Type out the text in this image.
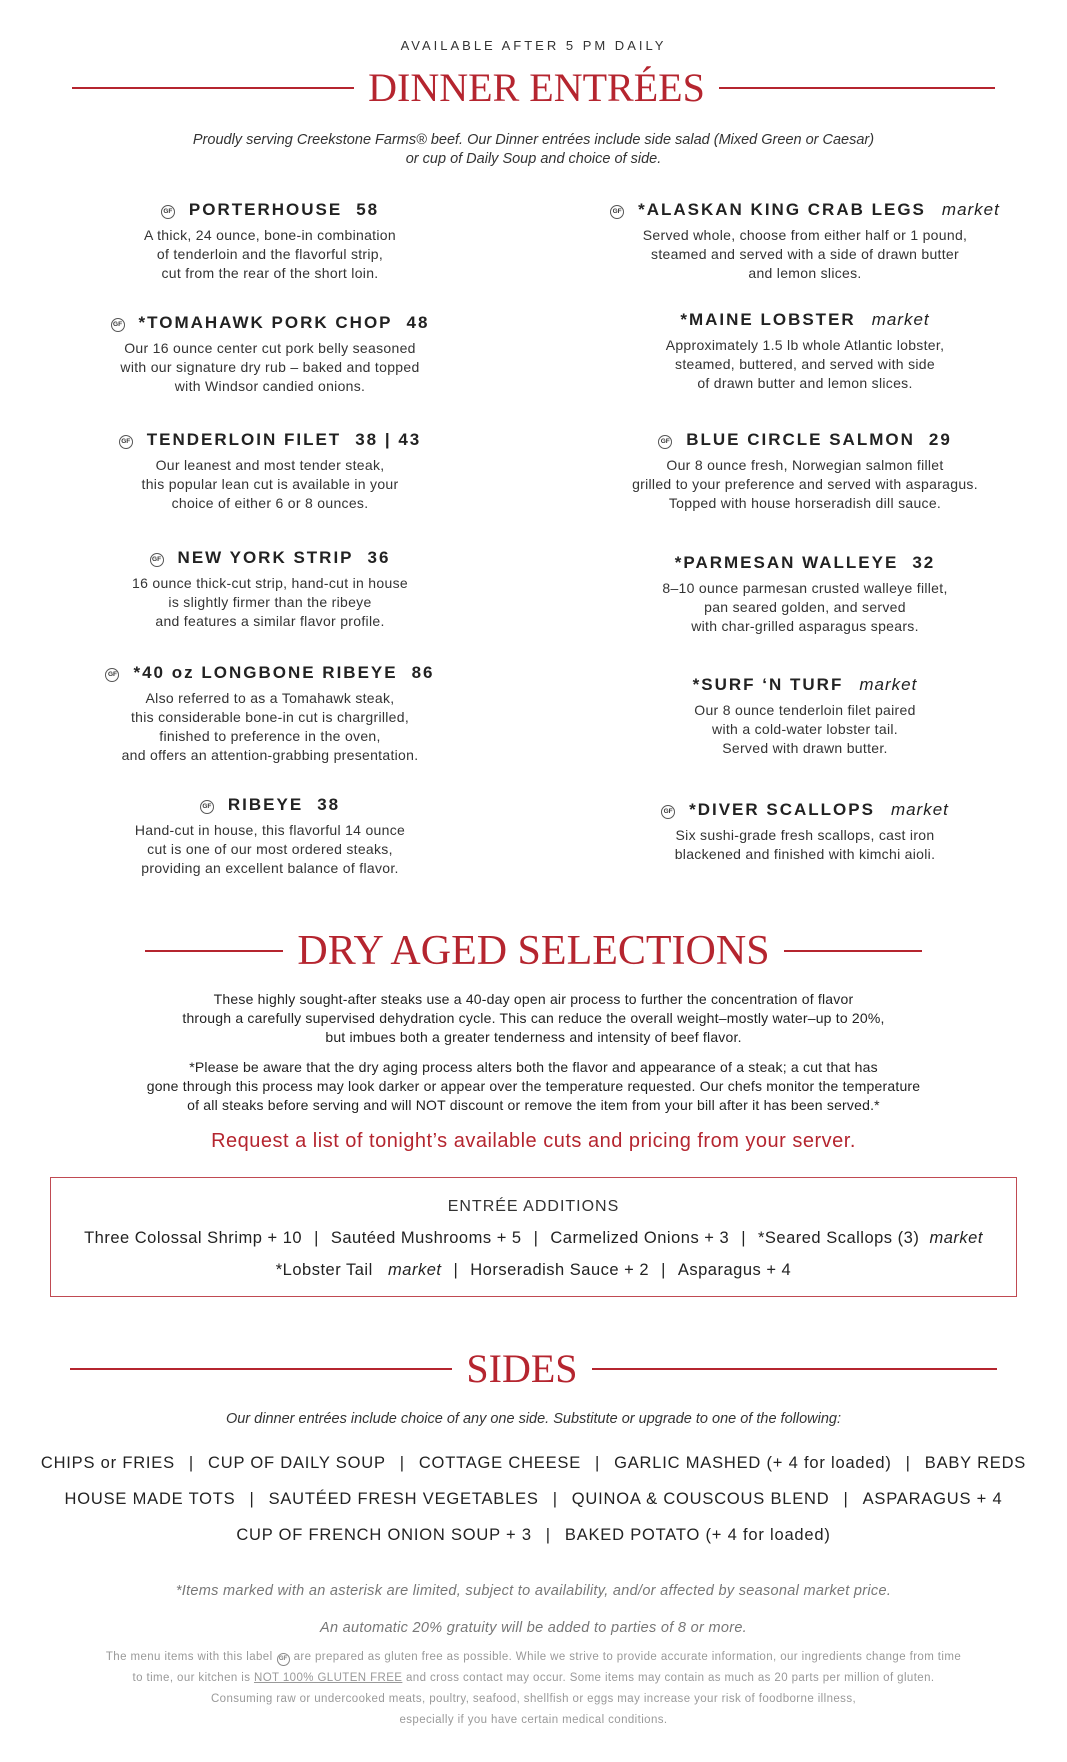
AVAILABLE AFTER 5 PM DAILY
DINNER ENTRÉES
Proudly serving Creekstone Farms® beef. Our Dinner entrées include side salad (Mixed Green or Caesar)
or cup of Daily Soup and choice of side.
GF PORTERHOUSE 58
A thick, 24 ounce, bone-in combination
of tenderloin and the flavorful strip,
cut from the rear of the short loin.
GF *TOMAHAWK PORK CHOP 48
Our 16 ounce center cut pork belly seasoned
with our signature dry rub – baked and topped
with Windsor candied onions.
GF TENDERLOIN FILET 38 | 43
Our leanest and most tender steak,
this popular lean cut is available in your
choice of either 6 or 8 ounces.
GF NEW YORK STRIP 36
16 ounce thick-cut strip, hand-cut in house
is slightly firmer than the ribeye
and features a similar flavor profile.
GF *40 oz LONGBONE RIBEYE 86
Also referred to as a Tomahawk steak,
this considerable bone-in cut is chargrilled,
finished to preference in the oven,
and offers an attention-grabbing presentation.
GF RIBEYE 38
Hand-cut in house, this flavorful 14 ounce
cut is one of our most ordered steaks,
providing an excellent balance of flavor.
GF *ALASKAN KING CRAB LEGS market
Served whole, choose from either half or 1 pound,
steamed and served with a side of drawn butter
and lemon slices.
*MAINE LOBSTER market
Approximately 1.5 lb whole Atlantic lobster,
steamed, buttered, and served with side
of drawn butter and lemon slices.
GF BLUE CIRCLE SALMON 29
Our 8 ounce fresh, Norwegian salmon fillet
grilled to your preference and served with asparagus.
Topped with house horseradish dill sauce.
*PARMESAN WALLEYE 32
8–10 ounce parmesan crusted walleye fillet,
pan seared golden, and served
with char-grilled asparagus spears.
*SURF ‘N TURF market
Our 8 ounce tenderloin filet paired
with a cold-water lobster tail.
Served with drawn butter.
GF *DIVER SCALLOPS market
Six sushi-grade fresh scallops, cast iron
blackened and finished with kimchi aioli.
DRY AGED SELECTIONS
These highly sought-after steaks use a 40-day open air process to further the concentration of flavor
through a carefully supervised dehydration cycle. This can reduce the overall weight–mostly water–up to 20%,
but imbues both a greater tenderness and intensity of beef flavor.
*Please be aware that the dry aging process alters both the flavor and appearance of a steak; a cut that has
gone through this process may look darker or appear over the temperature requested. Our chefs monitor the temperature
of all steaks before serving and will NOT discount or remove the item from your bill after it has been served.*
Request a list of tonight’s available cuts and pricing from your server.
ENTRÉE ADDITIONS
Three Colossal Shrimp + 10 | Sautéed Mushrooms + 5 | Carmelized Onions + 3 | *Seared Scallops (3) market
*Lobster Tail market | Horseradish Sauce + 2 | Asparagus + 4
SIDES
Our dinner entrées include choice of any one side. Substitute or upgrade to one of the following:
CHIPS or FRIES | CUP OF DAILY SOUP | COTTAGE CHEESE | GARLIC MASHED (+ 4 for loaded) | BABY REDS
HOUSE MADE TOTS | SAUTÉED FRESH VEGETABLES | QUINOA & COUSCOUS BLEND | ASPARAGUS + 4
CUP OF FRENCH ONION SOUP + 3 | BAKED POTATO (+ 4 for loaded)
*Items marked with an asterisk are limited, subject to availability, and/or affected by seasonal market price.
An automatic 20% gratuity will be added to parties of 8 or more.
The menu items with this label GF are prepared as gluten free as possible. While we strive to provide accurate information, our ingredients change from time
to time, our kitchen is NOT 100% GLUTEN FREE and cross contact may occur. Some items may contain as much as 20 parts per million of gluten.
Consuming raw or undercooked meats, poultry, seafood, shellfish or eggs may increase your risk of foodborne illness,
especially if you have certain medical conditions.
